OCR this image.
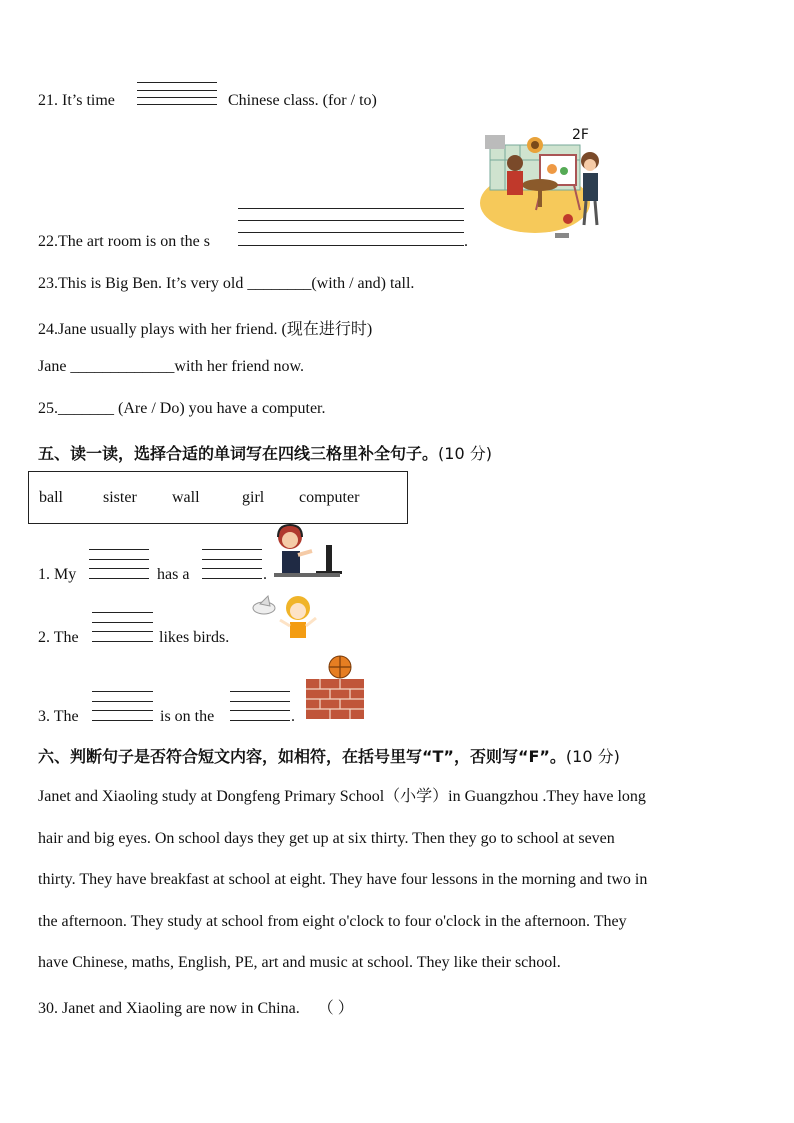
21. It’s time	Chinese class. (for / to)
22.The art room is on the s	.
2F
23.This is Big Ben. It’s very old ________(with / and) tall.
24.Jane usually plays with her friend. (现在进行时)
Jane _____________with her friend now.
25._______ (Are / Do) you have a computer.
五、读一读，选择合适的单词写在四线三格里补全句子。(10 分)
ball	sister wall	girl computer
1. My	has a	.
2. The	likes birds.
3. The	is on the	.
六、判断句子是否符合短文内容，如相符，在括号里写“T”，否则写“F”。(10 分)
Janet and Xiaoling study at Dongfeng Primary School（小学）in Guangzhou .They have long
hair and big eyes. On school days they get up at six thirty. Then they go to school at seven
thirty. They have breakfast at school at eight. They have four lessons in the morning and two in
the afternoon. They study at school from eight o'clock to four o'clock in the afternoon. They
have Chinese, maths, English, PE, art and music at school. They like their school.
30. Janet and Xiaoling are now in China. （ ）
